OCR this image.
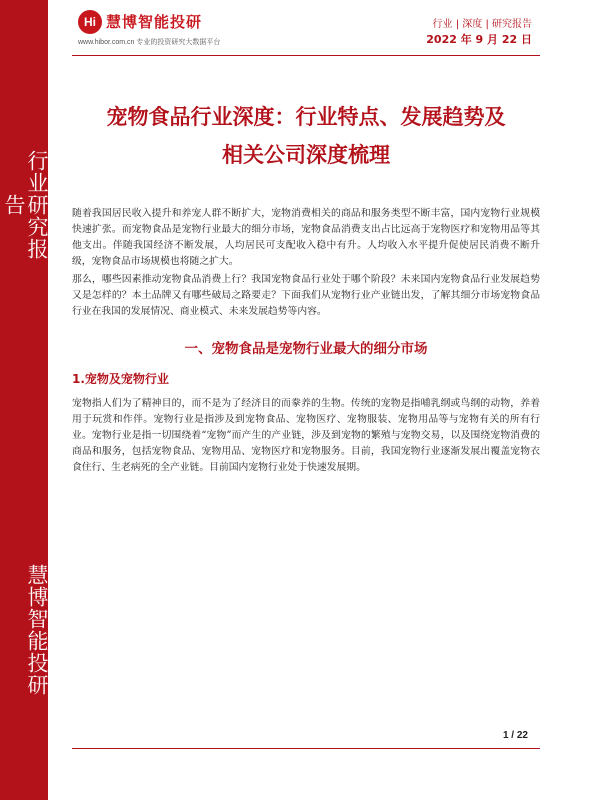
行业研究报告
慧博智能投研
Hi 慧博智能投研
www.hibor.com.cn 专业的投资研究大数据平台
行业 | 深度 | 研究报告
2022 年 9 月 22 日
宠物食品行业深度：行业特点、发展趋势及
相关公司深度梳理

随着我国居民收入提升和养宠人群不断扩大，宠物消费相关的商品和服务类型不断丰富，国内宠物行业规模快速扩张。而宠物食品是宠物行业最大的细分市场，宠物食品消费支出占比远高于宠物医疗和宠物用品等其他支出。伴随我国经济不断发展，人均居民可支配收入稳中有升。人均收入水平提升促使居民消费不断升级，宠物食品市场规模也将随之扩大。

那么，哪些因素推动宠物食品消费上行？我国宠物食品行业处于哪个阶段？未来国内宠物食品行业发展趋势又是怎样的？本土品牌又有哪些破局之路要走？下面我们从宠物行业产业链出发，了解其细分市场宠物食品行业在我国的发展情况、商业模式、未来发展趋势等内容。

一、宠物食品是宠物行业最大的细分市场
1.宠物及宠物行业

宠物指人们为了精神目的，而不是为了经济目的而豢养的生物。传统的宠物是指哺乳纲或鸟纲的动物，养着用于玩赏和作伴。宠物行业是指涉及到宠物食品、宠物医疗、宠物服装、宠物用品等与宠物有关的所有行业。宠物行业是指一切围绕着“宠物”而产生的产业链，涉及到宠物的繁殖与宠物交易，以及围绕宠物消费的商品和服务，包括宠物食品、宠物用品、宠物医疗和宠物服务。目前，我国宠物行业逐渐发展出覆盖宠物衣食住行、生老病死的全产业链。目前国内宠物行业处于快速发展期。

1 / 22
